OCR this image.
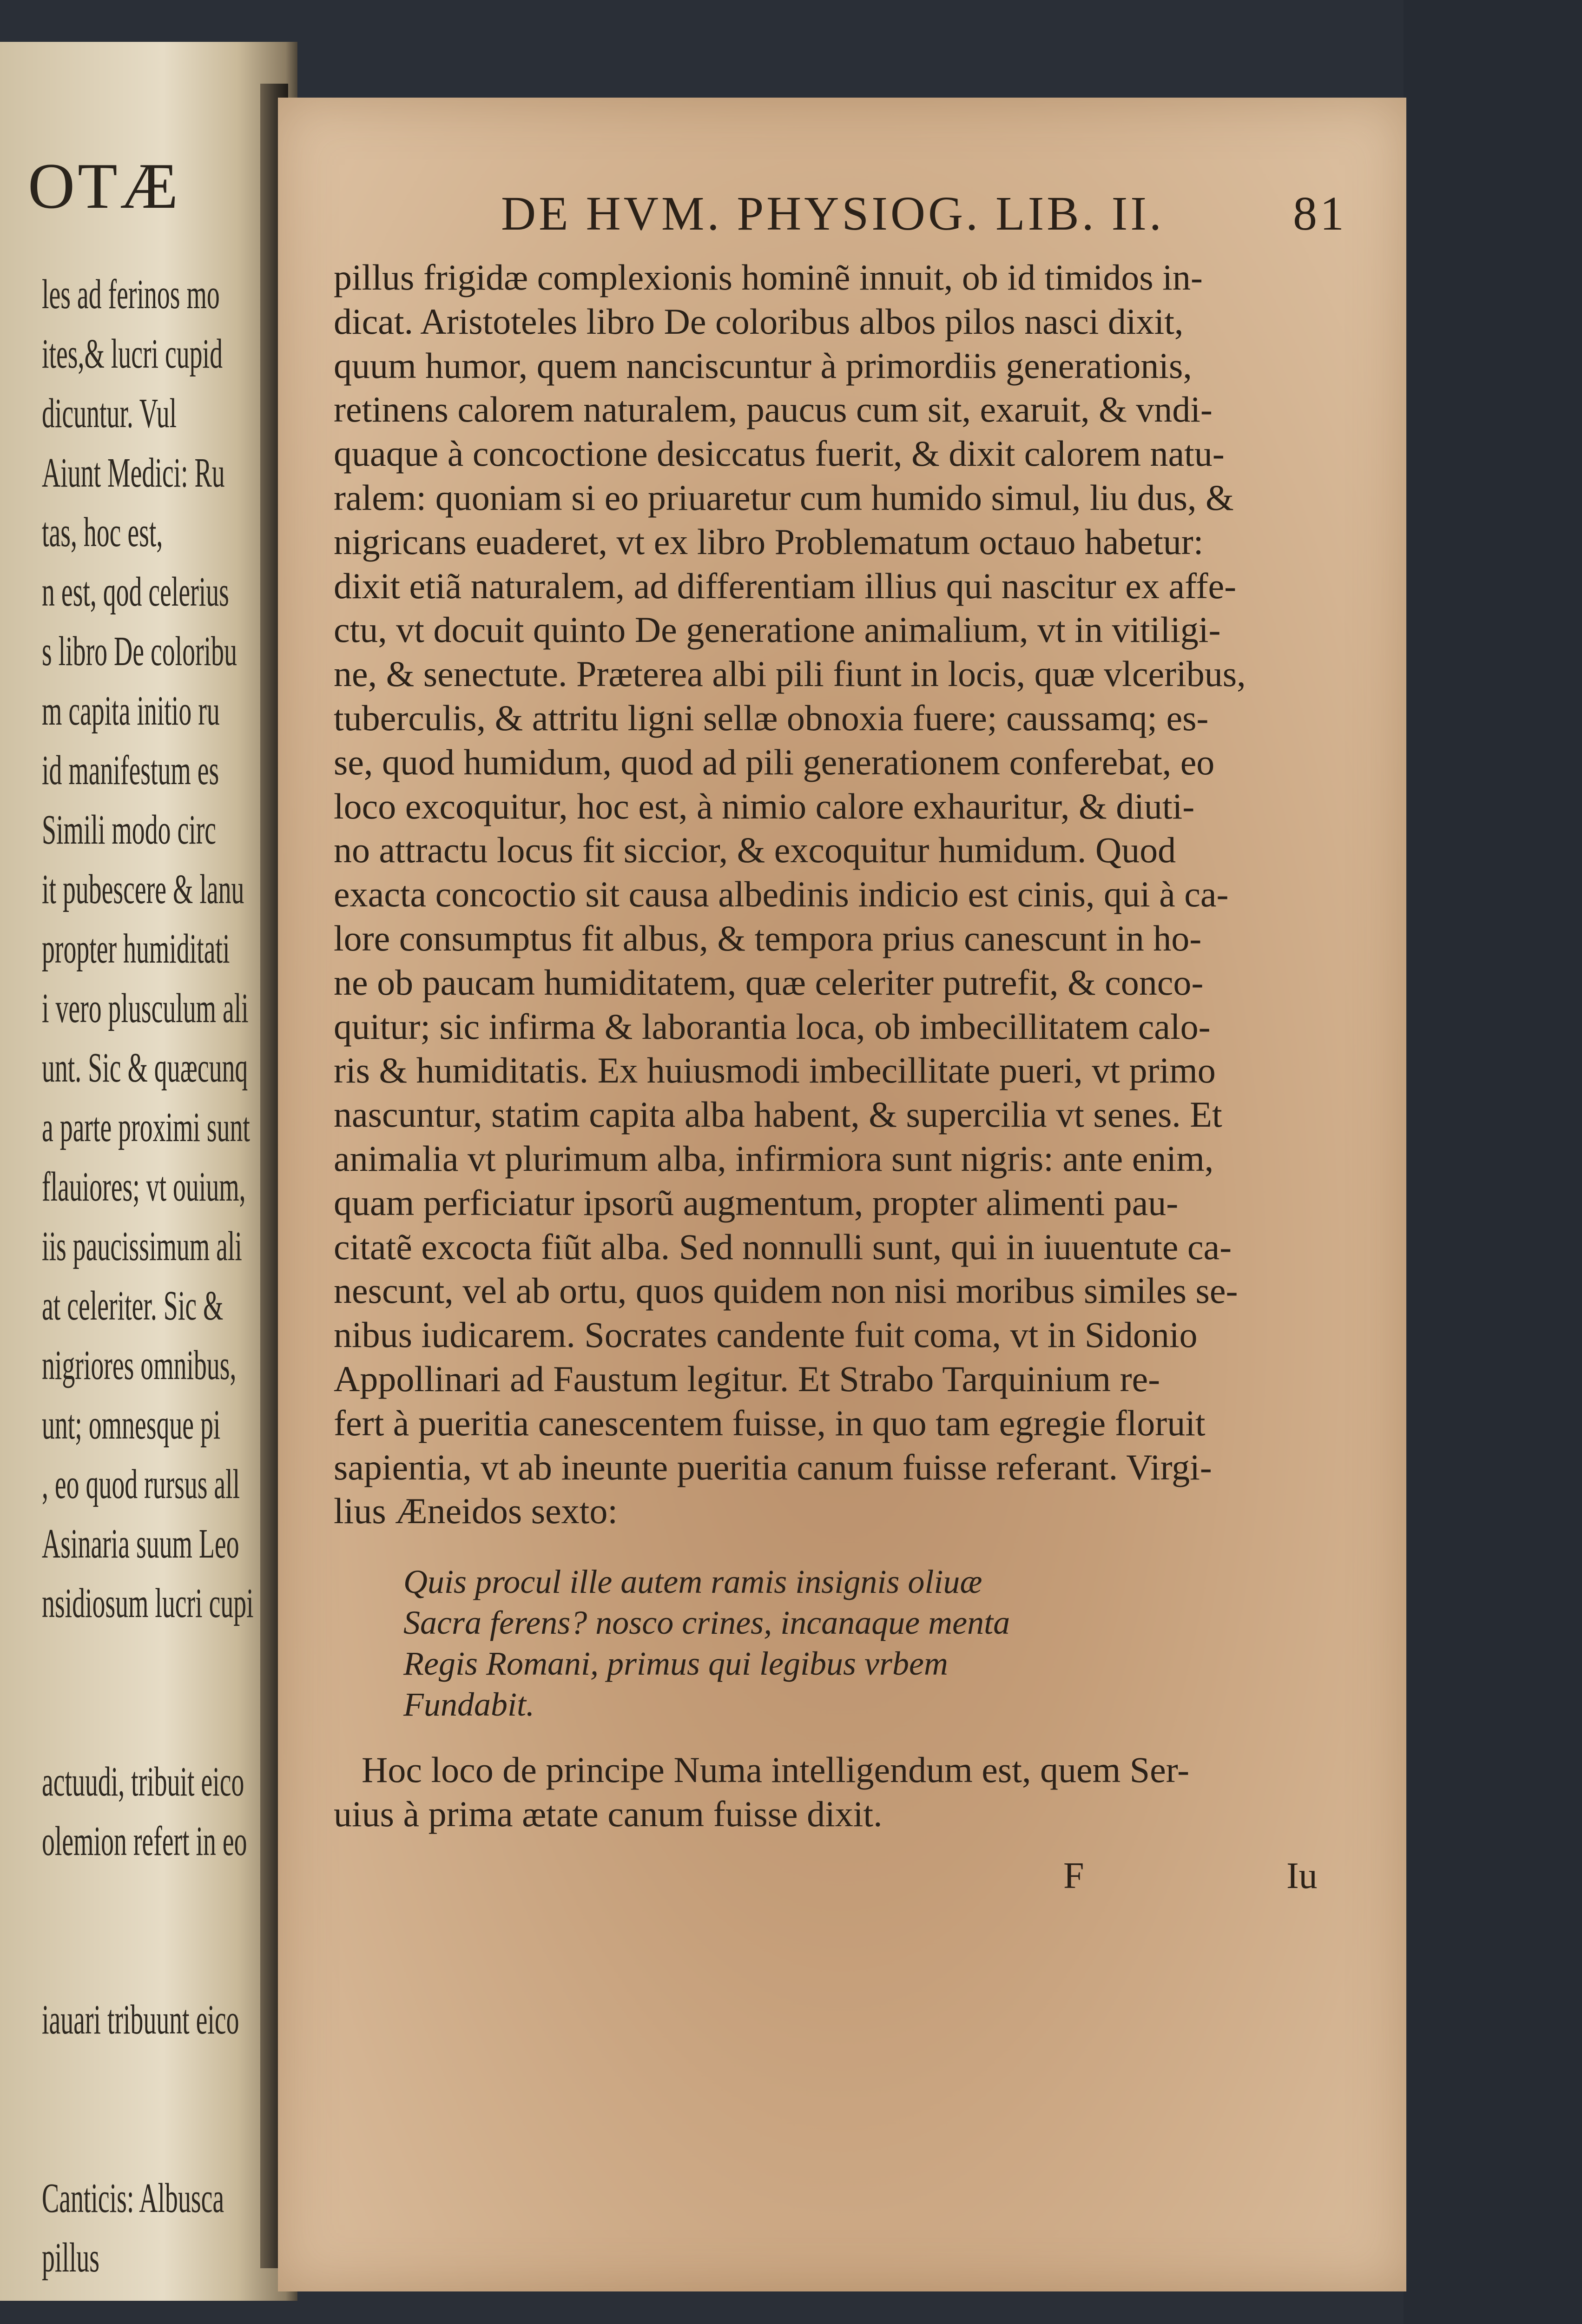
OTÆ
les ad ferinos mo
ites,& lucri cupid
dicuntur. Vul
Aiunt Medici: Ru
tas, hoc est,
n est, qod celerius
s libro De coloribu
m capita initio ru
id manifestum es
Simili modo circ
it pubescere & lanu
propter humiditati
i vero plusculum ali
unt. Sic & quæcunq
a parte proximi sunt
flauiores; vt ouium,
iis paucissimum ali
at celeriter. Sic &
nigriores omnibus,
unt; omnesque pi
, eo quod rursus all
Asinaria suum Leo
nsidiosum lucri cupi
actuudi, tribuit eico
olemion refert in eo
iauari tribuunt eico
Canticis: Albusca
pillus
DE HVM. PHYSIOG. LIB. II.	81
pillus frigidæ complexionis hominẽ innuit, ob id timidos in-
dicat. Aristoteles libro De coloribus albos pilos nasci dixit,
quum humor, quem nanciscuntur à primordiis generationis,
retinens calorem naturalem, paucus cum sit, exaruit, & vndi-
quaque à concoctione desiccatus fuerit, & dixit calorem natu-
ralem: quoniam si eo priuaretur cum humido simul, liu dus, &
nigricans euaderet, vt ex libro Problematum octauo habetur:
dixit etiã naturalem, ad differentiam illius qui nascitur ex affe-
ctu, vt docuit quinto De generatione animalium, vt in vitiligi-
ne, & senectute. Præterea albi pili fiunt in locis, quæ vlceribus,
tuberculis, & attritu ligni sellæ obnoxia fuere; caussamq; es-
se, quod humidum, quod ad pili generationem conferebat, eo
loco excoquitur, hoc est, à nimio calore exhauritur, & diuti-
no attractu locus fit siccior, & excoquitur humidum. Quod
exacta concoctio sit causa albedinis indicio est cinis, qui à ca-
lore consumptus fit albus, & tempora prius canescunt in ho-
ne ob paucam humiditatem, quæ celeriter putrefit, & conco-
quitur; sic infirma & laborantia loca, ob imbecillitatem calo-
ris & humiditatis. Ex huiusmodi imbecillitate pueri, vt primo
nascuntur, statim capita alba habent, & supercilia vt senes. Et
animalia vt plurimum alba, infirmiora sunt nigris: ante enim,
quam perficiatur ipsorũ augmentum, propter alimenti pau-
citatẽ excocta fiũt alba. Sed nonnulli sunt, qui in iuuentute ca-
nescunt, vel ab ortu, quos quidem non nisi moribus similes se-
nibus iudicarem. Socrates candente fuit coma, vt in Sidonio
Appollinari ad Faustum legitur. Et Strabo Tarquinium re-
fert à pueritia canescentem fuisse, in quo tam egregie floruit
sapientia, vt ab ineunte pueritia canum fuisse referant. Virgi-
lius Æneidos sexto:
Quis procul ille autem ramis insignis oliuæ
Sacra ferens? nosco crines, incanaque menta
Regis Romani, primus qui legibus vrbem
Fundabit.
Hoc loco de principe Numa intelligendum est, quem Ser-
uius à prima ætate canum fuisse dixit.
F	Iu
